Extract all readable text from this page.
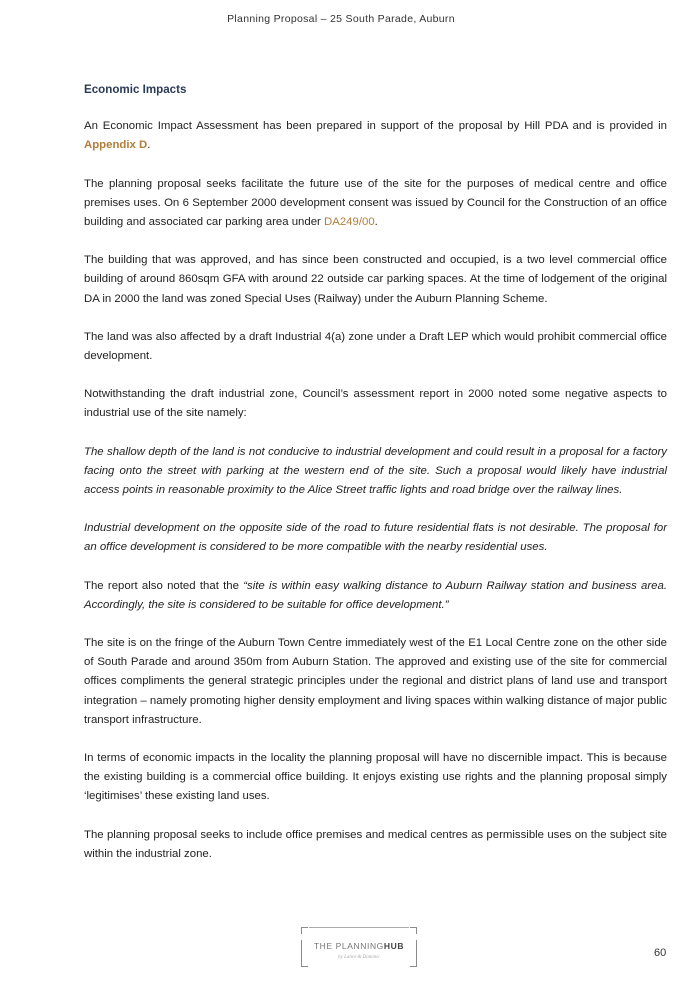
Planning Proposal – 25 South Parade, Auburn

Economic Impacts

An Economic Impact Assessment has been prepared in support of the proposal by Hill PDA and is provided in Appendix D.

The planning proposal seeks facilitate the future use of the site for the purposes of medical centre and office premises uses. On 6 September 2000 development consent was issued by Council for the Construction of an office building and associated car parking area under DA249/00.

The building that was approved, and has since been constructed and occupied, is a two level commercial office building of around 860sqm GFA with around 22 outside car parking spaces. At the time of lodgement of the original DA in 2000 the land was zoned Special Uses (Railway) under the Auburn Planning Scheme.

The land was also affected by a draft Industrial 4(a) zone under a Draft LEP which would prohibit commercial office development.

Notwithstanding the draft industrial zone, Council’s assessment report in 2000 noted some negative aspects to industrial use of the site namely:

The shallow depth of the land is not conducive to industrial development and could result in a proposal for a factory facing onto the street with parking at the western end of the site. Such a proposal would likely have industrial access points in reasonable proximity to the Alice Street traffic lights and road bridge over the railway lines.

Industrial development on the opposite side of the road to future residential flats is not desirable. The proposal for an office development is considered to be more compatible with the nearby residential uses.

The report also noted that the “site is within easy walking distance to Auburn Railway station and business area. Accordingly, the site is considered to be suitable for office development.”

The site is on the fringe of the Auburn Town Centre immediately west of the E1 Local Centre zone on the other side of South Parade and around 350m from Auburn Station. The approved and existing use of the site for commercial offices compliments the general strategic principles under the regional and district plans of land use and transport integration – namely promoting higher density employment and living spaces within walking distance of major public transport infrastructure.

In terms of economic impacts in the locality the planning proposal will have no discernible impact. This is because the existing building is a commercial office building. It enjoys existing use rights and the planning proposal simply ‘legitimises’ these existing land uses.

The planning proposal seeks to include office premises and medical centres as permissible uses on the subject site within the industrial zone.

THE PLANNINGHUB
by Lance & Dominic	60
